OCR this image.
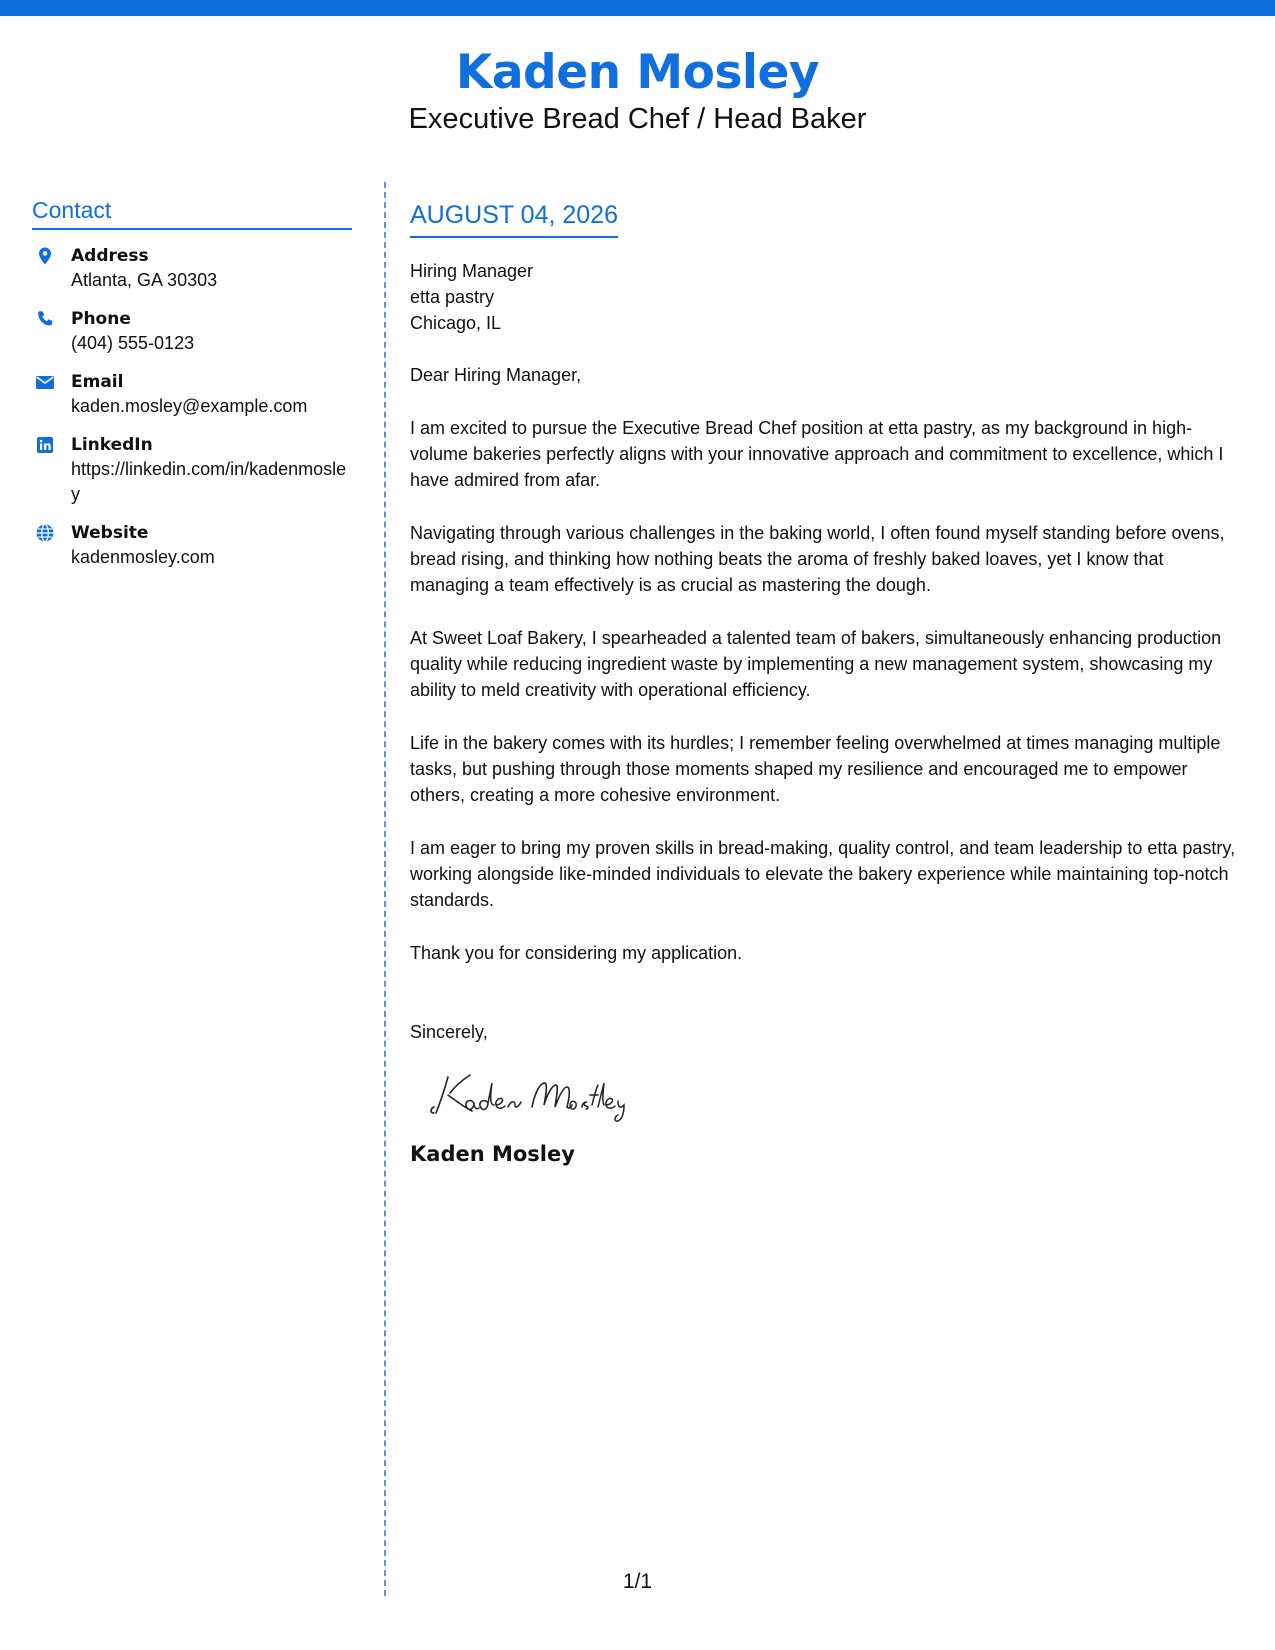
Kaden Mosley
Executive Bread Chef / Head Baker
Contact
Address
Atlanta, GA 30303
Phone
(404) 555-0123
Email
kaden.mosley@example.com
LinkedIn
https://linkedin.com/in/kadenmosley
Website
kadenmosley.com
AUGUST 04, 2026
Hiring Manager
etta pastry
Chicago, IL

Dear Hiring Manager,

I am excited to pursue the Executive Bread Chef position at etta pastry, as my background in high-volume bakeries perfectly aligns with your innovative approach and commitment to excellence, which I have admired from afar.

Navigating through various challenges in the baking world, I often found myself standing before ovens, bread rising, and thinking how nothing beats the aroma of freshly baked loaves, yet I know that managing a team effectively is as crucial as mastering the dough.

At Sweet Loaf Bakery, I spearheaded a talented team of bakers, simultaneously enhancing production quality while reducing ingredient waste by implementing a new management system, showcasing my ability to meld creativity with operational efficiency.

Life in the bakery comes with its hurdles; I remember feeling overwhelmed at times managing multiple tasks, but pushing through those moments shaped my resilience and encouraged me to empower others, creating a more cohesive environment.

I am eager to bring my proven skills in bread-making, quality control, and team leadership to etta pastry, working alongside like-minded individuals to elevate the bakery experience while maintaining top-notch standards.

Thank you for considering my application.

Sincerely,
Kaden Mosley
1/1
